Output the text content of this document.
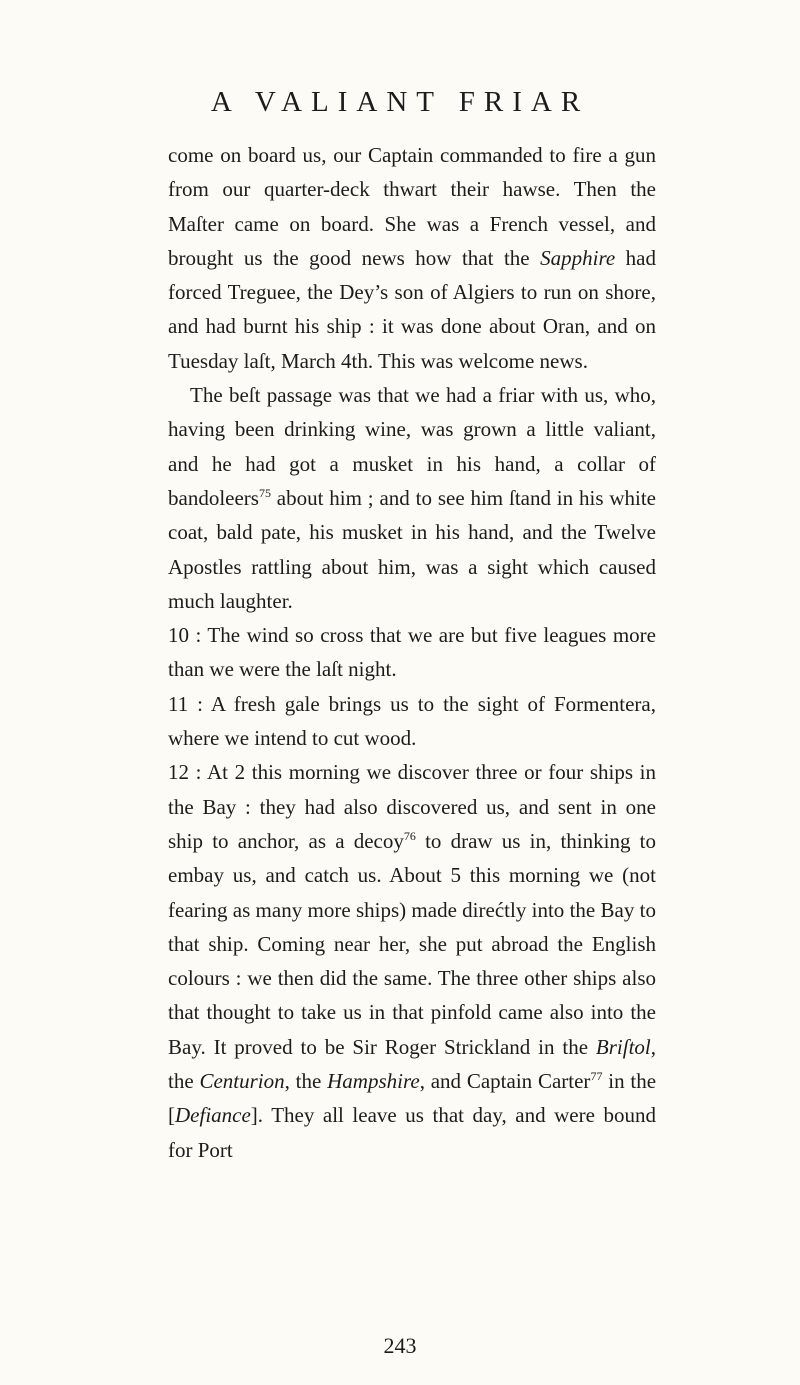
A VALIANT FRIAR

come on board us, our Captain commanded to fire a gun from our quarter-deck thwart their hawse. Then the Maſter came on board. She was a French vessel, and brought us the good news how that the Sapphire had forced Treguee, the Dey’s son of Algiers to run on shore, and had burnt his ship : it was done about Oran, and on Tuesday laſt, March 4th. This was welcome news.

The beſt passage was that we had a friar with us, who, having been drinking wine, was grown a little valiant, and he had got a musket in his hand, a collar of bandoleers$^{75}$ about him ; and to see him ſtand in his white coat, bald pate, his musket in his hand, and the Twelve Apostles rattling about him, was a sight which caused much laughter.

10 : The wind so cross that we are but five leagues more than we were the laſt night.

11 : A fresh gale brings us to the sight of Formentera, where we intend to cut wood.

12 : At 2 this morning we discover three or four ships in the Bay : they had also discovered us, and sent in one ship to anchor, as a decoy$^{76}$ to draw us in, thinking to embay us, and catch us. About 5 this morning we (not fearing as many more ships) made direćtly into the Bay to that ship. Coming near her, she put abroad the English colours : we then did the same. The three other ships also that thought to take us in that pinfold came also into the Bay. It proved to be Sir Roger Strickland in the Briſtol, the Centurion, the Hampshire, and Captain Carter$^{77}$ in the [Defiance]. They all leave us that day, and were bound for Port

243
